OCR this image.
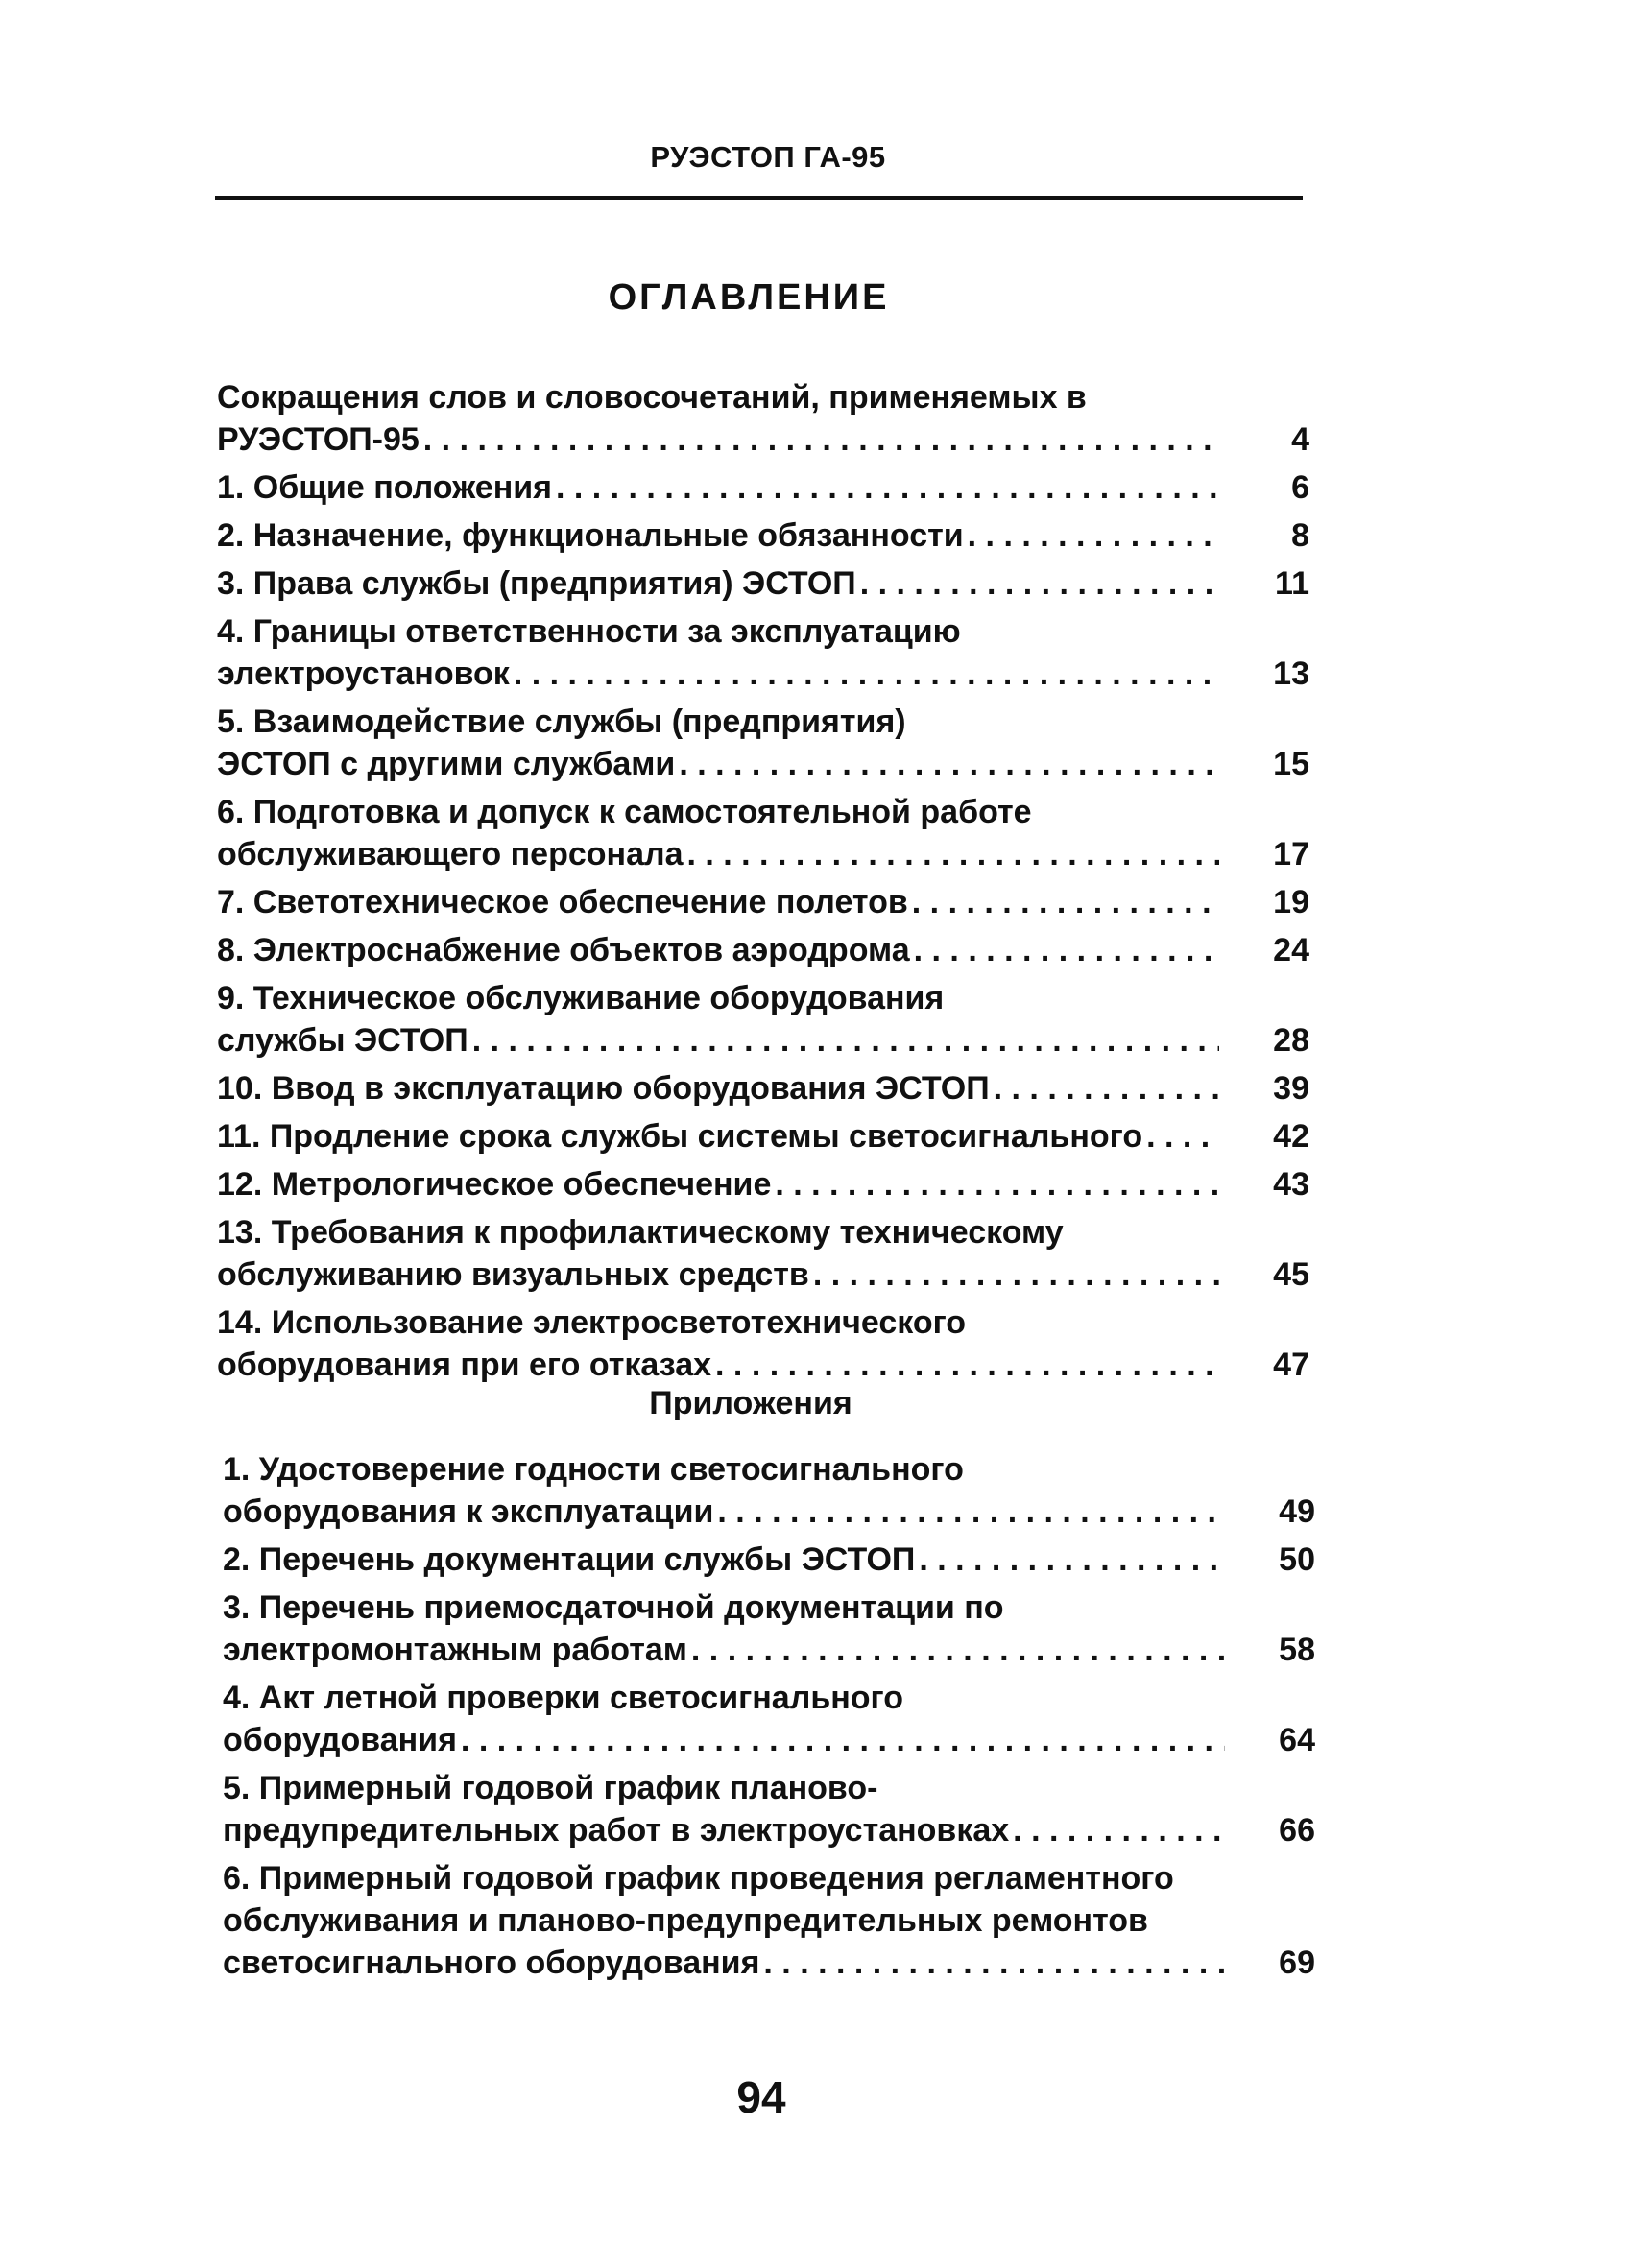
РУЭСТОП ГА-95
ОГЛАВЛЕНИЕ
Сокращения слов и словосочетаний, применяемых в
РУЭСТОП-95 . . .	4
1. Общие положения . . .	6
2. Назначение, функциональные обязанности . . .	8
3. Права службы (предприятия) ЭСТОП . . .	11
4. Границы ответственности за эксплуатацию
электроустановок . . .	13
5. Взаимодействие службы (предприятия)
ЭСТОП с другими службами . . .	15
6. Подготовка и допуск к самостоятельной работе
обслуживающего персонала . . .	17
7. Светотехническое обеспечение полетов . . .	19
8. Электроснабжение объектов аэродрома . . .	24
9. Техническое обслуживание оборудования
службы ЭСТОП . . .	28
10. Ввод в эксплуатацию оборудования ЭСТОП . . .	39
11. Продление срока службы системы светосигнального . . .	42
12. Метрологическое обеспечение . . .	43
13. Требования к профилактическому техническому
обслуживанию визуальных средств . . .	45
14. Использование электросветотехнического
оборудования при его отказах . . .	47
Приложения
1. Удостоверение годности светосигнального
оборудования к эксплуатации . . .	49
2. Перечень документации службы ЭСТОП . . .	50
3. Перечень приемосдаточной документации по
электромонтажным работам . . .	58
4. Акт летной проверки светосигнального
оборудования . . .	64
5. Примерный годовой график планово-
предупредительных работ в электроустановках . . .	66
6. Примерный годовой график проведения регламентного
обслуживания и планово-предупредительных ремонтов
светосигнального оборудования . . .	69
94
